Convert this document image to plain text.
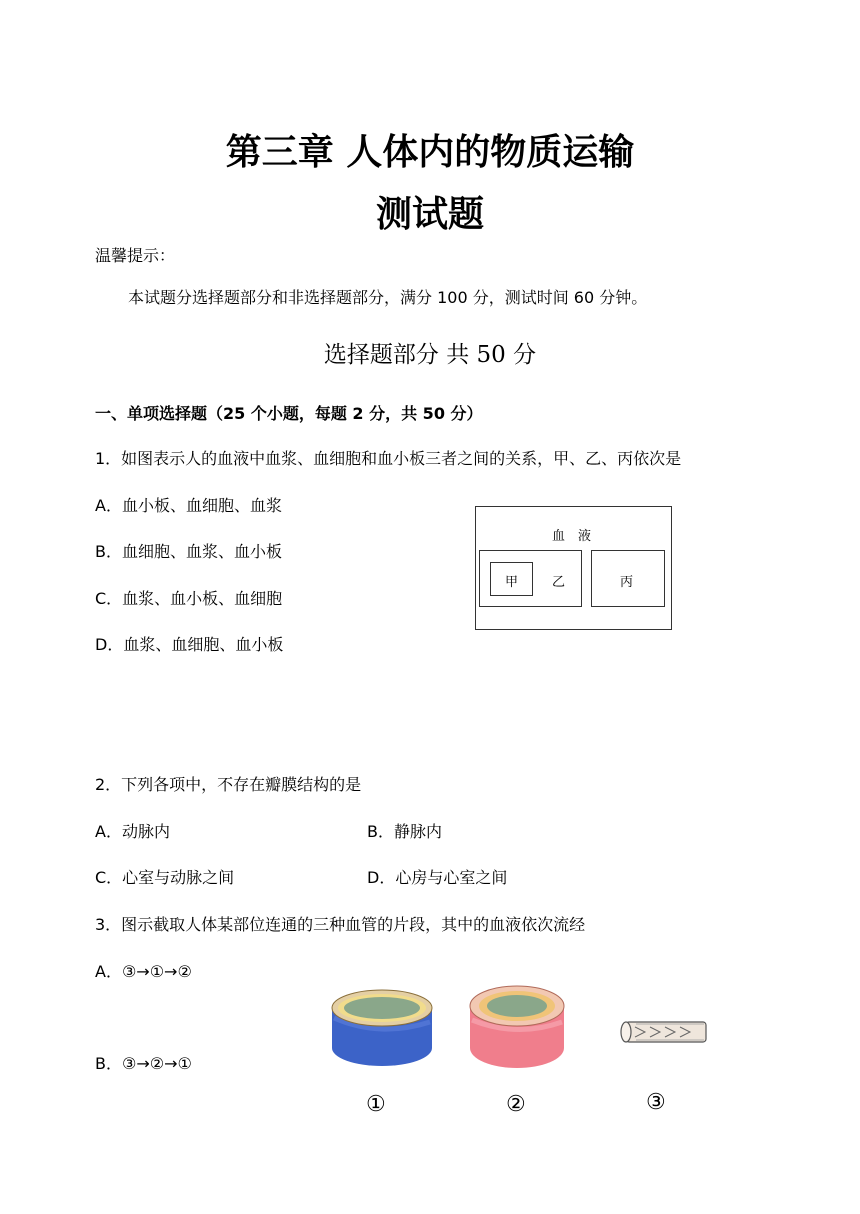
第三章 人体内的物质运输
测试题
温馨提示：
本试题分选择题部分和非选择题部分，满分 100 分，测试时间 60 分钟。
选择题部分 共 50 分
一、单项选择题（25 个小题，每题 2 分，共 50 分）
1．如图表示人的血液中血浆、血细胞和血小板三者之间的关系，甲、乙、丙依次是
A．血小板、血细胞、血浆
B．血细胞、血浆、血小板
C．血浆、血小板、血细胞
D．血浆、血细胞、血小板
血　液
甲	乙	丙
2．下列各项中，不存在瓣膜结构的是
A．动脉内	B．静脉内
C．心室与动脉之间	D．心房与心室之间
3．图示截取人体某部位连通的三种血管的片段，其中的血液依次流经
A．③→①→②
B．③→②→①
①	②	③
